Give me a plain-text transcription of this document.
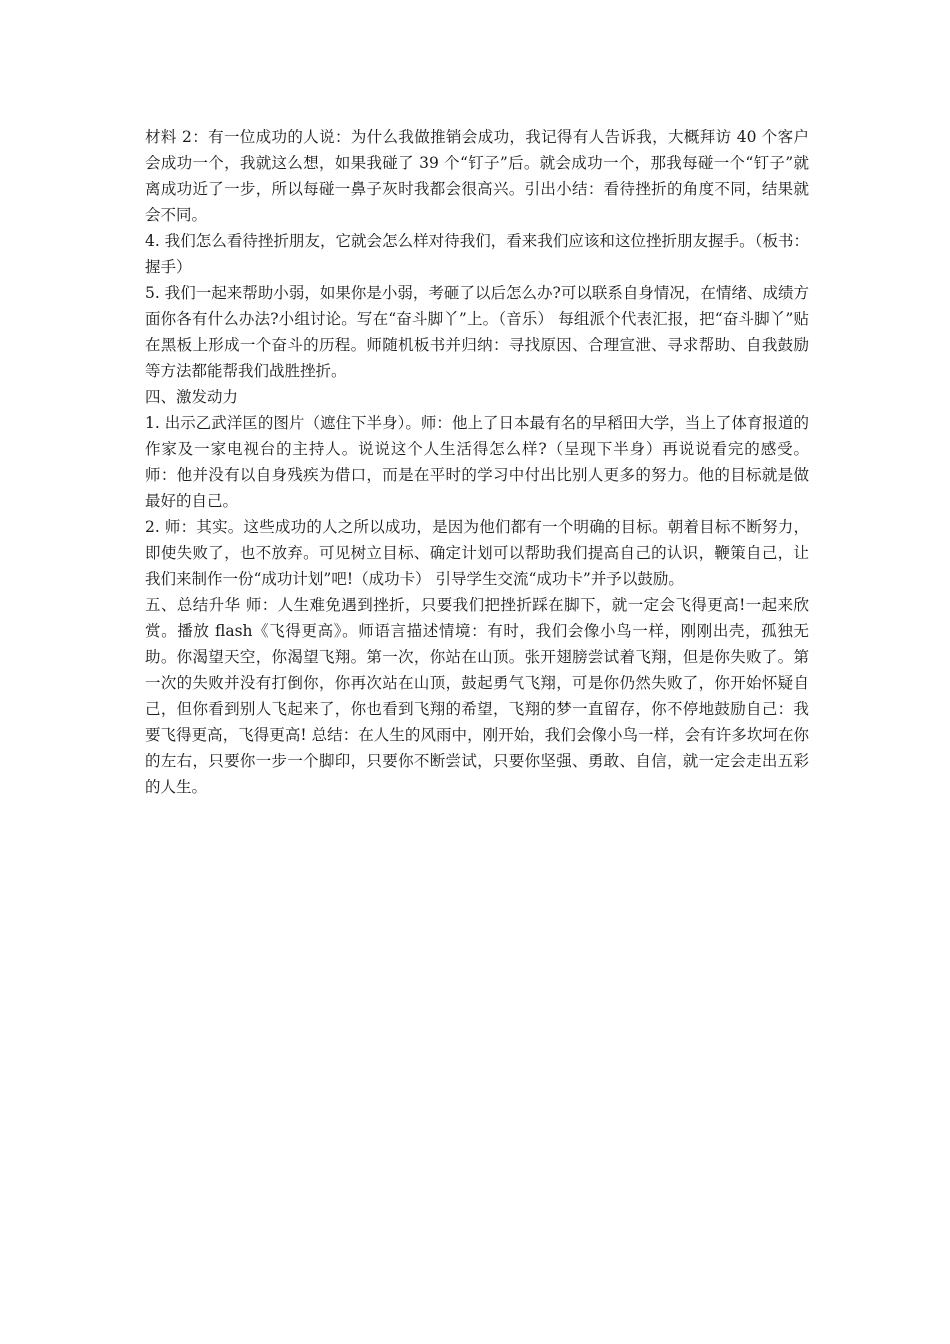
材料 2：有一位成功的人说：为什么我做推销会成功，我记得有人告诉我，大概拜访 40 个客户会成功一个，我就这么想，如果我碰了 39 个“钉子”后。就会成功一个，那我每碰一个“钉子”就离成功近了一步，所以每碰一鼻子灰时我都会很高兴。引出小结：看待挫折的角度不同，结果就会不同。

4. 我们怎么看待挫折朋友，它就会怎么样对待我们，看来我们应该和这位挫折朋友握手。（板书：握手）

5. 我们一起来帮助小弱，如果你是小弱，考砸了以后怎么办?可以联系自身情况，在情绪、成绩方面你各有什么办法?小组讨论。写在“奋斗脚丫”上。（音乐） 每组派个代表汇报，把“奋斗脚丫”贴在黑板上形成一个奋斗的历程。师随机板书并归纳：寻找原因、合理宣泄、寻求帮助、自我鼓励等方法都能帮我们战胜挫折。

四、激发动力

1. 出示乙武洋匡的图片（遮住下半身）。师：他上了日本最有名的早稻田大学，当上了体育报道的作家及一家电视台的主持人。说说这个人生活得怎么样?（呈现下半身）再说说看完的感受。 师：他并没有以自身残疾为借口，而是在平时的学习中付出比别人更多的努力。他的目标就是做最好的自己。

2. 师：其实。这些成功的人之所以成功，是因为他们都有一个明确的目标。朝着目标不断努力，即使失败了，也不放弃。可见树立目标、确定计划可以帮助我们提高自己的认识，鞭策自己，让我们来制作一份“成功计划”吧!（成功卡） 引导学生交流“成功卡”并予以鼓励。

五、总结升华 师：人生难免遇到挫折，只要我们把挫折踩在脚下，就一定会飞得更高!一起来欣赏。播放 flash《飞得更高》。师语言描述情境：有时，我们会像小鸟一样，刚刚出壳，孤独无助。你渴望天空，你渴望飞翔。第一次，你站在山顶。张开翅膀尝试着飞翔，但是你失败了。第一次的失败并没有打倒你，你再次站在山顶，鼓起勇气飞翔，可是你仍然失败了，你开始怀疑自己，但你看到别人飞起来了，你也看到飞翔的希望，飞翔的梦一直留存，你不停地鼓励自己：我要飞得更高，飞得更高! 总结：在人生的风雨中，刚开始，我们会像小鸟一样，会有许多坎坷在你的左右，只要你一步一个脚印，只要你不断尝试，只要你坚强、勇敢、自信，就一定会走出五彩的人生。
